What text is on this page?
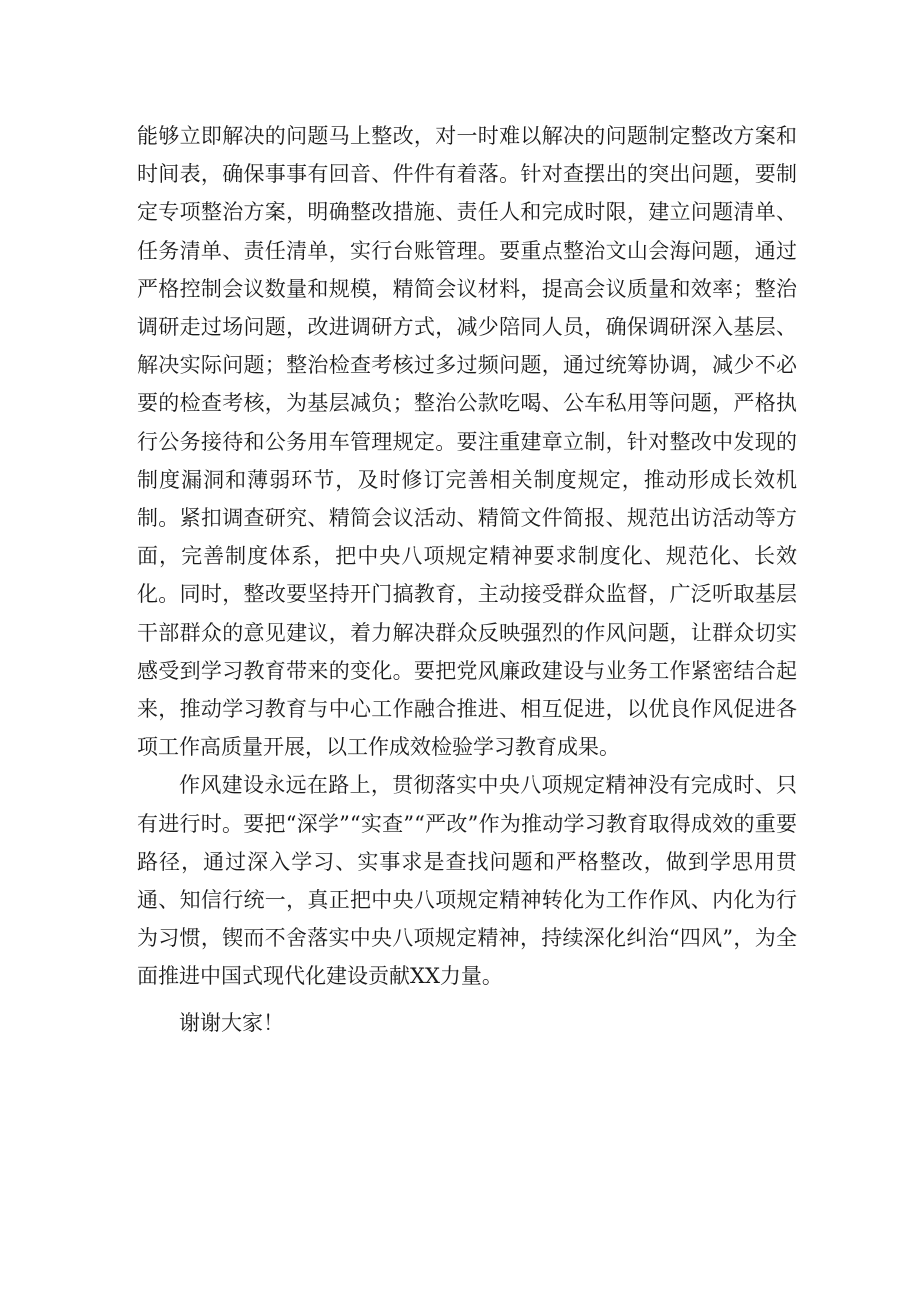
能够立即解决的问题马上整改，对一时难以解决的问题制定整改方案和时间表，确保事事有回音、件件有着落。针对查摆出的突出问题，要制定专项整治方案，明确整改措施、责任人和完成时限，建立问题清单、任务清单、责任清单，实行台账管理。要重点整治文山会海问题，通过严格控制会议数量和规模，精简会议材料，提高会议质量和效率；整治调研走过场问题，改进调研方式，减少陪同人员，确保调研深入基层、解决实际问题；整治检查考核过多过频问题，通过统筹协调，减少不必要的检查考核，为基层减负；整治公款吃喝、公车私用等问题，严格执行公务接待和公务用车管理规定。要注重建章立制，针对整改中发现的制度漏洞和薄弱环节，及时修订完善相关制度规定，推动形成长效机制。紧扣调查研究、精简会议活动、精简文件简报、规范出访活动等方面，完善制度体系，把中央八项规定精神要求制度化、规范化、长效化。同时，整改要坚持开门搞教育，主动接受群众监督，广泛听取基层干部群众的意见建议，着力解决群众反映强烈的作风问题，让群众切实感受到学习教育带来的变化。要把党风廉政建设与业务工作紧密结合起来，推动学习教育与中心工作融合推进、相互促进，以优良作风促进各项工作高质量开展，以工作成效检验学习教育成果。

作风建设永远在路上，贯彻落实中央八项规定精神没有完成时、只有进行时。要把“深学”“实查”“严改”作为推动学习教育取得成效的重要路径，通过深入学习、实事求是查找问题和严格整改，做到学思用贯通、知信行统一，真正把中央八项规定精神转化为工作作风、内化为行为习惯，锲而不舍落实中央八项规定精神，持续深化纠治“四风”，为全面推进中国式现代化建设贡献XX力量。

谢谢大家！
